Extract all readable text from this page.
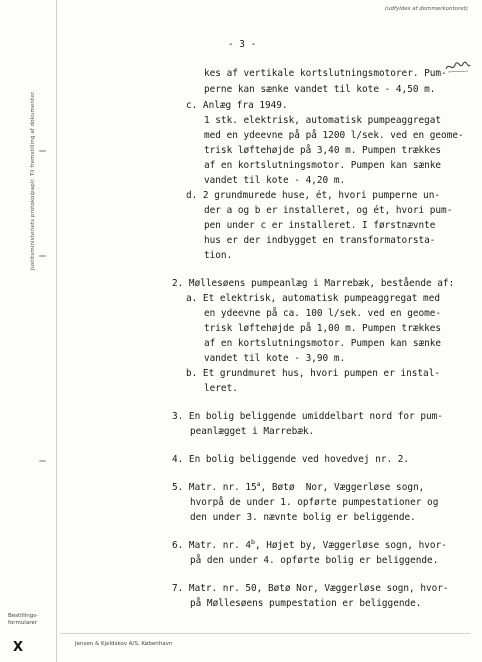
Justitsministeriets protokolpapir. Til fremstilling af dokumenter.
(udfyldes af dommerkontoret)
- 3 -
kes af vertikale kortslutningsmotorer. Pum-
perne kan sænke vandet til kote - 4,50 m.
c. Anlæg fra 1949.
1 stk. elektrisk, automatisk pumpeaggregat
med en ydeevne på på 1200 l/sek. ved en geome-
trisk løftehøjde på 3,40 m. Pumpen trækkes
af en kortslutningsmotor. Pumpen kan sænke
vandet til kote - 4,20 m.
d. 2 grundmurede huse, ét, hvori pumperne un-
der a og b er installeret, og ét, hvori pum-
pen under c er installeret. I førstnævnte
hus er der indbygget en transformatorsta-
tion.
2. Møllesøens pumpeanlæg i Marrebæk, bestående af:
a. Et elektrisk, automatisk pumpeaggregat med
en ydeevne på ca. 100 l/sek. ved en geome-
trisk løftehøjde på 1,00 m. Pumpen trækkes
af en kortslutningsmotor. Pumpen kan sænke
vandet til kote - 3,90 m.
b. Et grundmuret hus, hvori pumpen er instal-
leret.
3. En bolig beliggende umiddelbart nord for pum-
peanlægget i Marrebæk.
4. En bolig beliggende ved hovedvej nr. 2.
5. Matr. nr. 15$^a$, Bøtø  Nor, Væggerløse sogn,
hvorpå de under 1. opførte pumpestationer og
den under 3. nævnte bolig er beliggende.
6. Matr. nr. 4$^b$, Højet by, Væggerløse sogn, hvor-
på den under 4. opførte bolig er beliggende.
7. Matr. nr. 50, Bøtø Nor, Væggerløse sogn, hvor-
på Møllesøens pumpestation er beliggende.
Bestillings-
formularer
X	Jensen & Kjeldskov A/S, København
